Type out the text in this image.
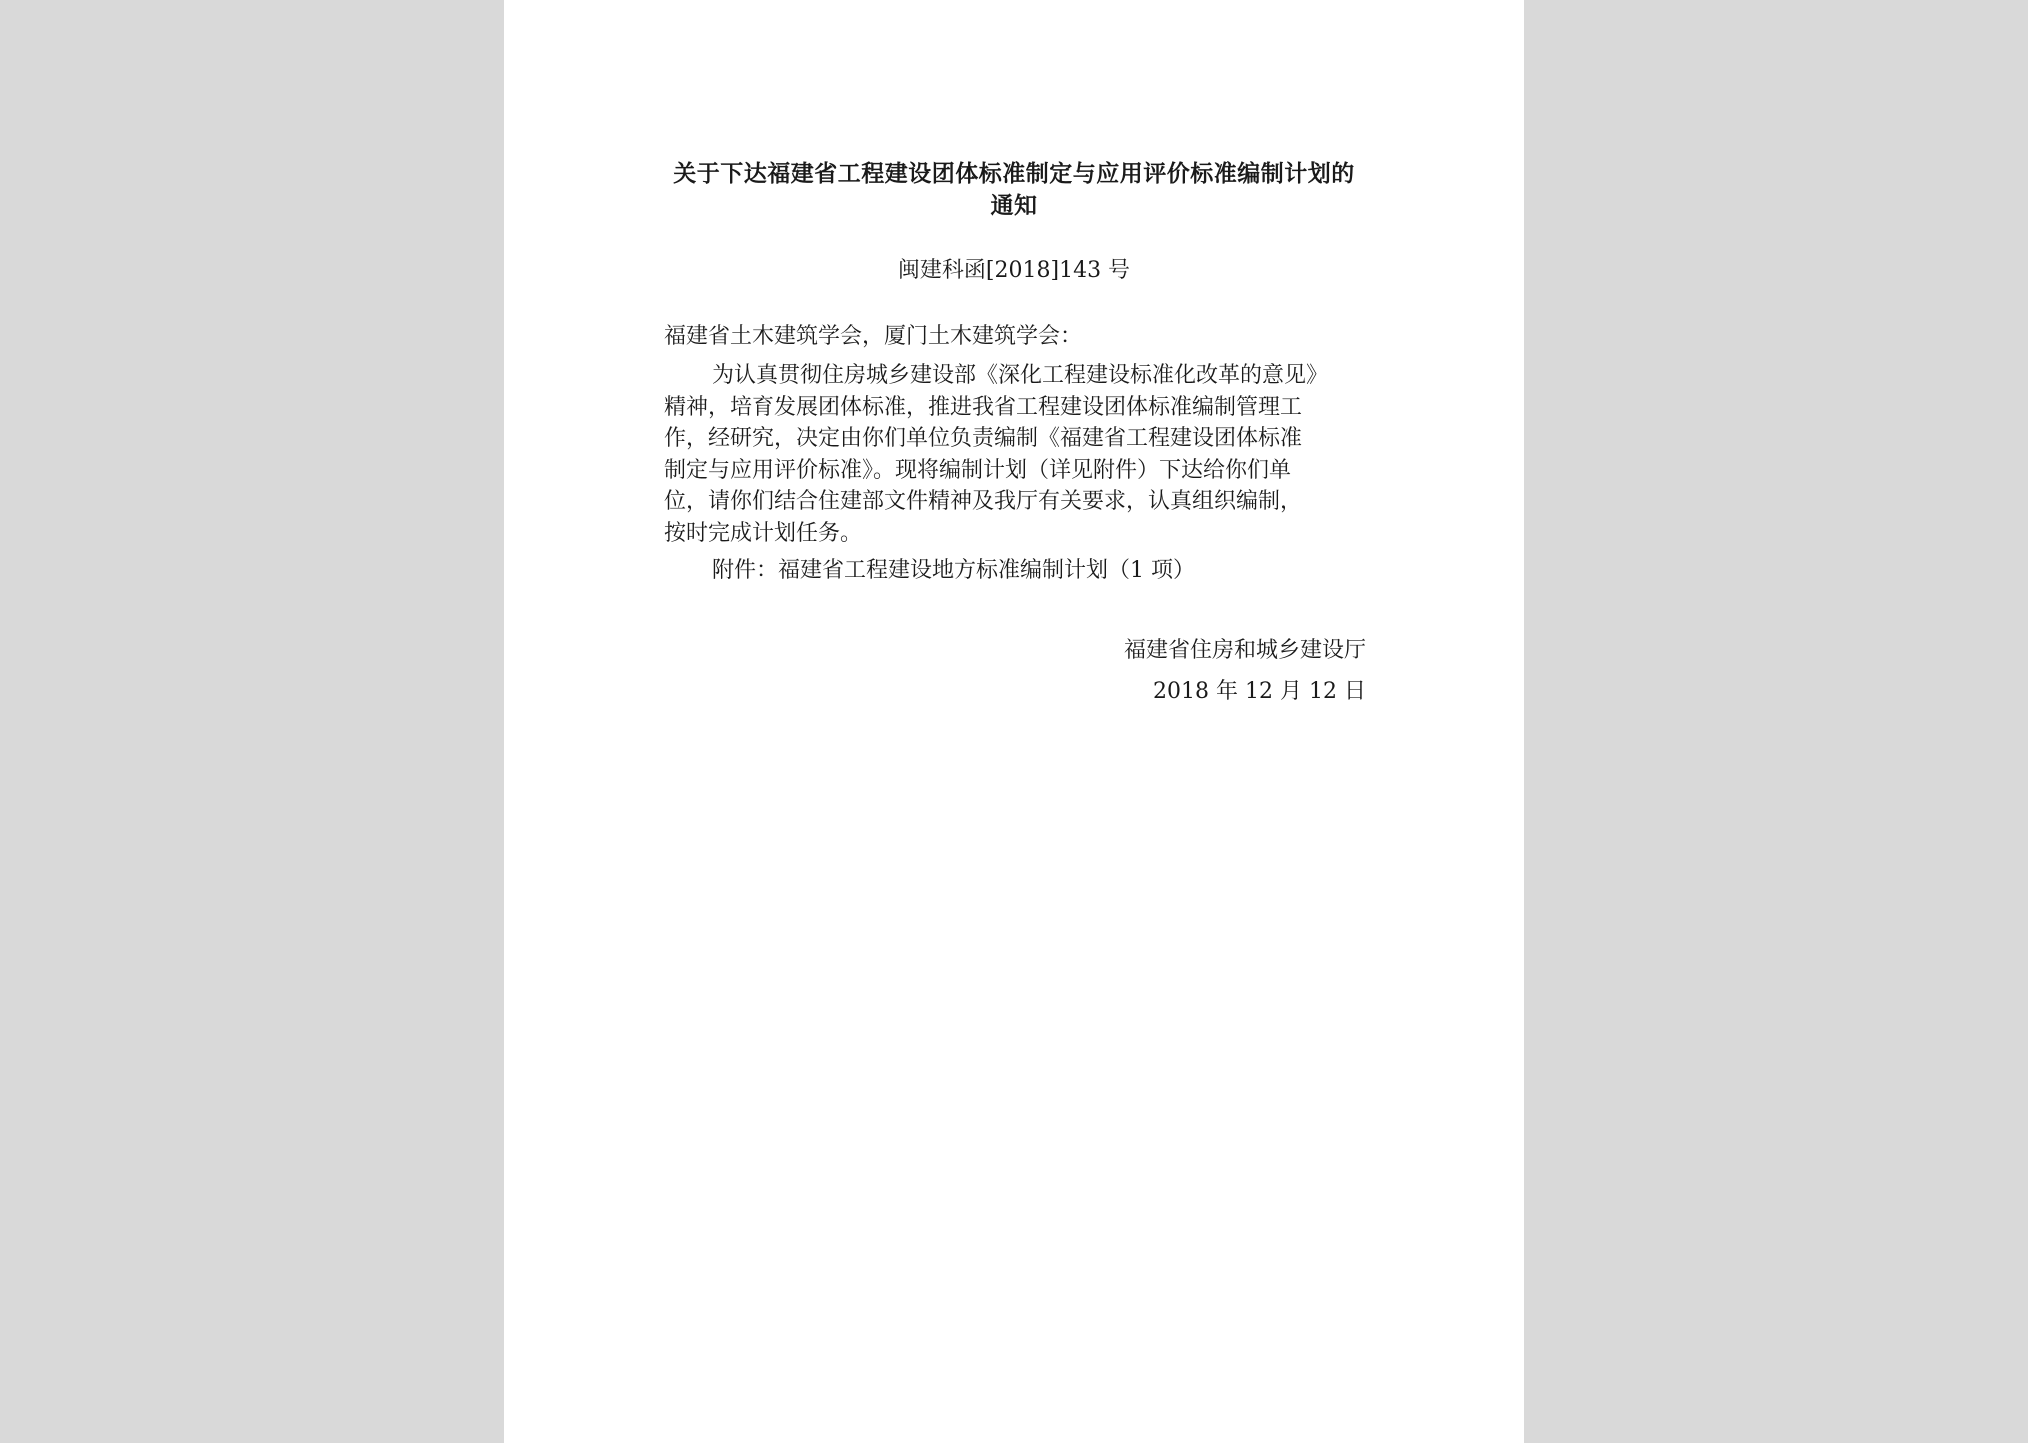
关于下达福建省工程建设团体标准制定与应用评价标准编制计划的
通知
闽建科函[2018]143 号
福建省土木建筑学会，厦门土木建筑学会：
为认真贯彻住房城乡建设部《深化工程建设标准化改革的意见》
精神，培育发展团体标准，推进我省工程建设团体标准编制管理工
作，经研究，决定由你们单位负责编制《福建省工程建设团体标准
制定与应用评价标准》。现将编制计划（详见附件）下达给你们单
位，请你们结合住建部文件精神及我厅有关要求，认真组织编制，
按时完成计划任务。
附件：福建省工程建设地方标准编制计划（1 项）
福建省住房和城乡建设厅
2018 年 12 月 12 日
